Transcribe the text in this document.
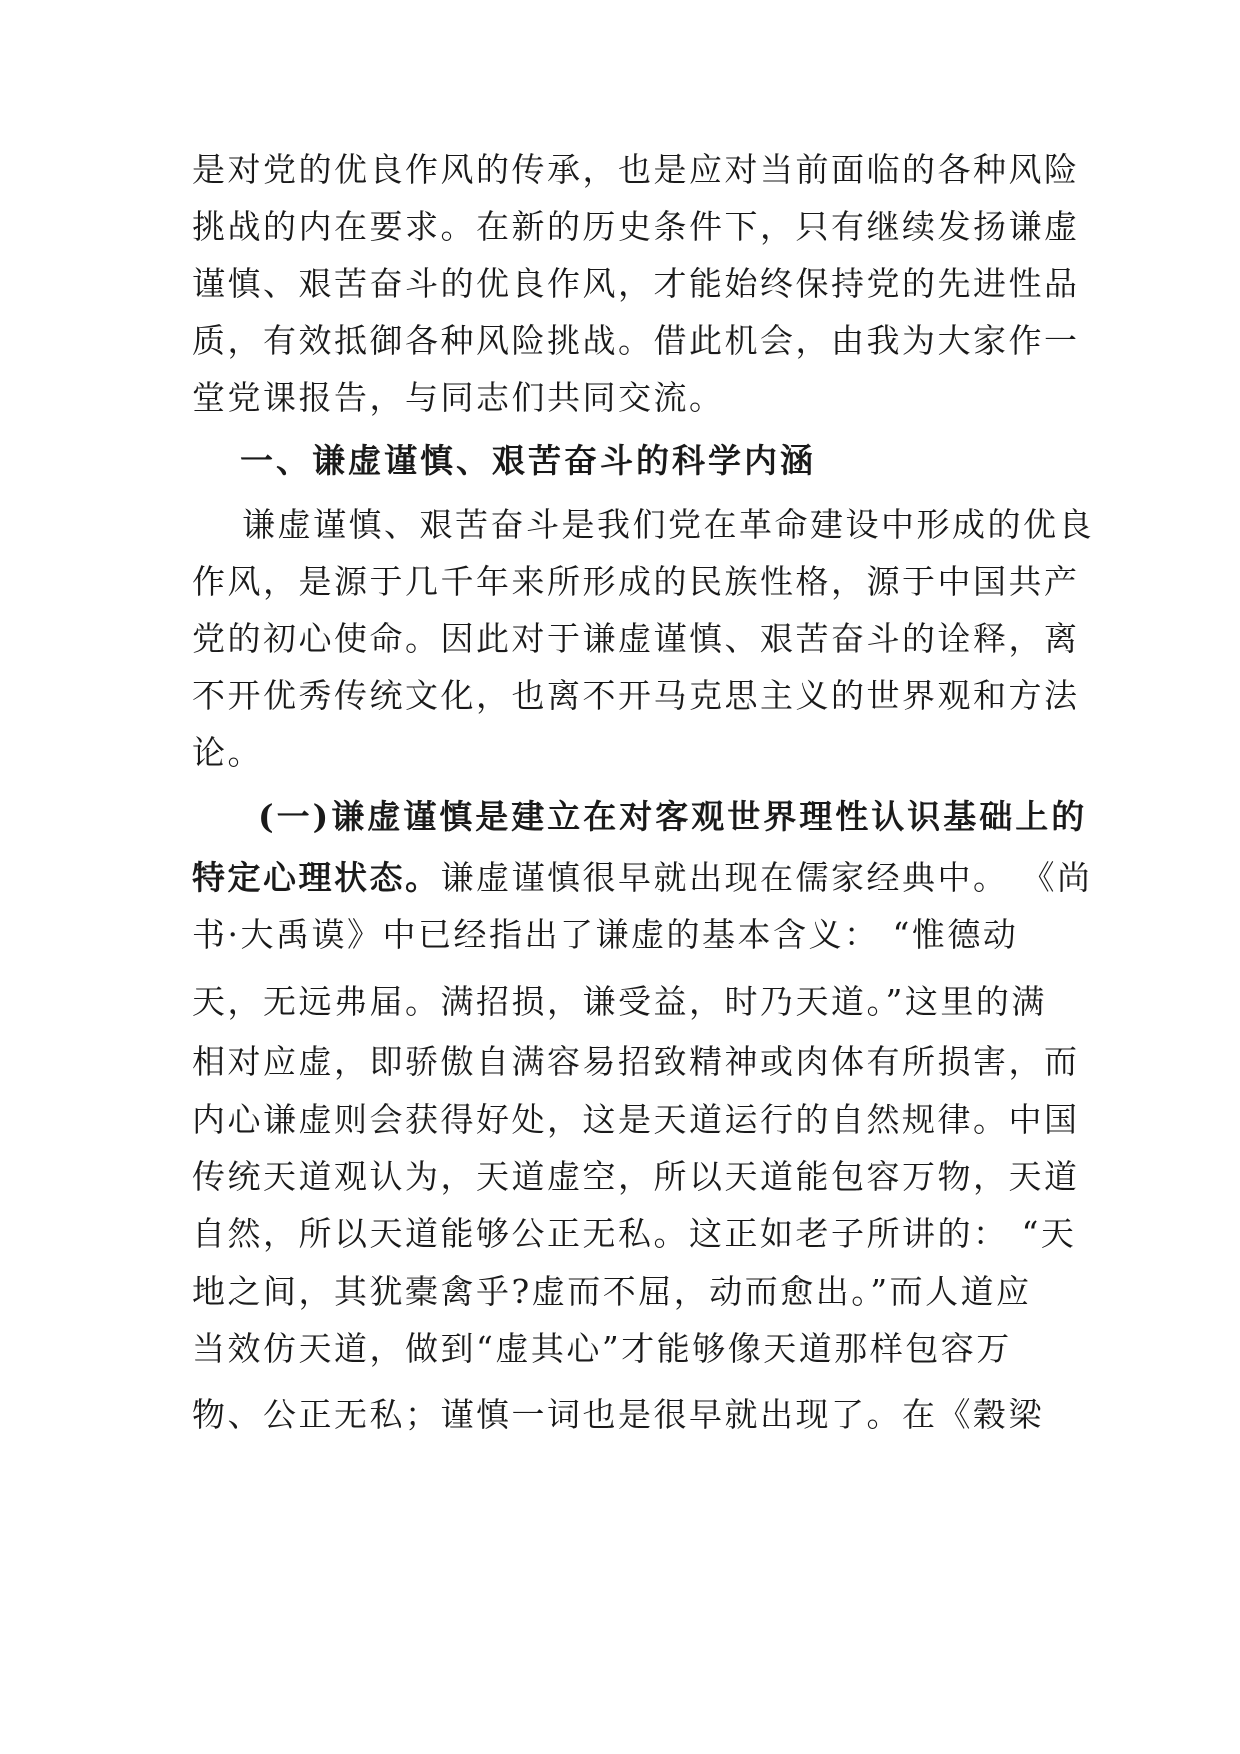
是对党的优良作风的传承，也是应对当前面临的各种风险
挑战的内在要求。在新的历史条件下，只有继续发扬谦虚
谨慎、艰苦奋斗的优良作风，才能始终保持党的先进性品
质，有效抵御各种风险挑战。借此机会，由我为大家作一
堂党课报告，与同志们共同交流。
一、谦虚谨慎、艰苦奋斗的科学内涵
谦虚谨慎、艰苦奋斗是我们党在革命建设中形成的优良
作风，是源于几千年来所形成的民族性格，源于中国共产
党的初心使命。因此对于谦虚谨慎、艰苦奋斗的诠释，离
不开优秀传统文化，也离不开马克思主义的世界观和方法
论。
(一)谦虚谨慎是建立在对客观世界理性认识基础上的
特定心理状态。谦虚谨慎很早就出现在儒家经典中。 《尚
书·大禹谟》中已经指出了谦虚的基本含义： “惟德动
天，无远弗届。满招损，谦受益，时乃天道。”这里的满
相对应虚，即骄傲自满容易招致精神或肉体有所损害，而
内心谦虚则会获得好处，这是天道运行的自然规律。中国
传统天道观认为，天道虚空，所以天道能包容万物，天道
自然，所以天道能够公正无私。这正如老子所讲的： “天
地之间，其犹橐禽乎?虚而不屈，动而愈出。”而人道应
当效仿天道，做到“虚其心”才能够像天道那样包容万
物、公正无私；谨慎一词也是很早就出现了。在《穀梁
